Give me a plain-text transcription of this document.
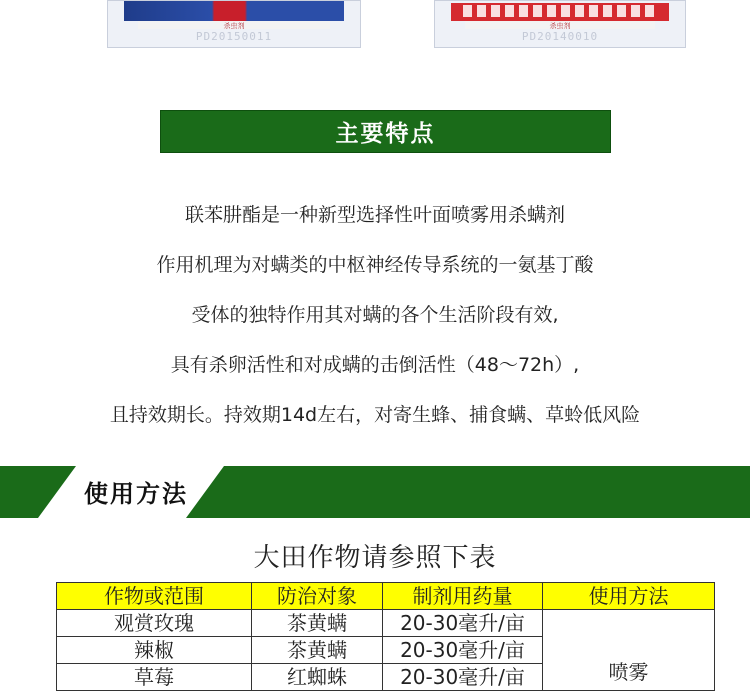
杀虫剂
PD20150011
杀虫剂
PD20140010
主要特点
联苯肼酯是一种新型选择性叶面喷雾用杀螨剂
作用机理为对螨类的中枢神经传导系统的一氨基丁酸
受体的独特作用其对螨的各个生活阶段有效,
具有杀卵活性和对成螨的击倒活性（48～72h）,
且持效期长。持效期14d左右，对寄生蜂、捕食螨、草蛉低风险
使用方法
大田作物请参照下表
作物或范围	防治对象	制剂用药量	使用方法
观赏玫瑰	茶黄螨	20-30毫升/亩	喷雾
辣椒	茶黄螨	20-30毫升/亩	
草莓	红蜘蛛	20-30毫升/亩	
